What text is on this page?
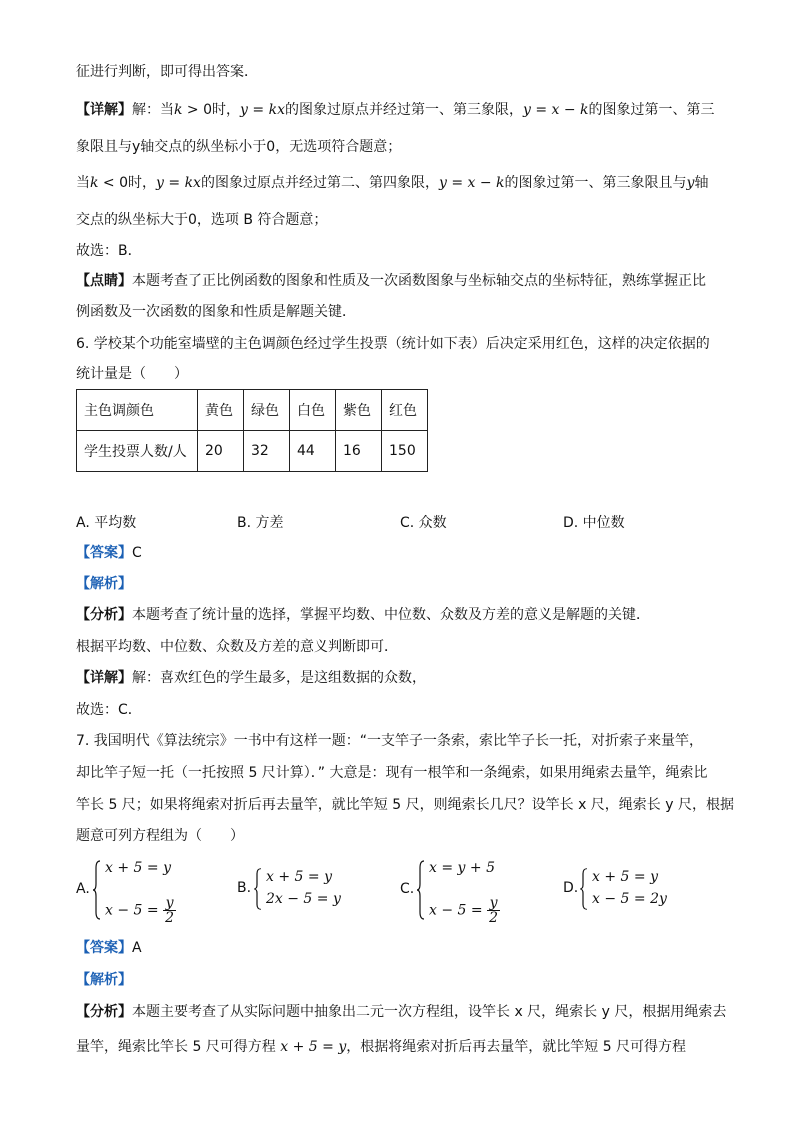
征进行判断，即可得出答案．
【详解】解：当k > 0时，y = kx的图象过原点并经过第一、第三象限，y = x − k的图象过第一、第三
象限且与y轴交点的纵坐标小于0，无选项符合题意；
当k < 0时，y = kx的图象过原点并经过第二、第四象限，y = x − k的图象过第一、第三象限且与y轴
交点的纵坐标大于0，选项 B 符合题意；
故选：B．
【点睛】本题考查了正比例函数的图象和性质及一次函数图象与坐标轴交点的坐标特征，熟练掌握正比
例函数及一次函数的图象和性质是解题关键．
6. 学校某个功能室墙壁的主色调颜色经过学生投票（统计如下表）后决定采用红色，这样的决定依据的
统计量是（　　）
主色调颜色	黄色	绿色	白色	紫色	红色
学生投票人数/人	20	32	44	16	150
A. 平均数	B. 方差	C. 众数	D. 中位数
【答案】C
【解析】
【分析】本题考查了统计量的选择，掌握平均数、中位数、众数及方差的意义是解题的关键．
根据平均数、中位数、众数及方差的意义判断即可．
【详解】解：喜欢红色的学生最多，是这组数据的众数，
故选：C．
7. 我国明代《算法统宗》一书中有这样一题：“一支竿子一条索，索比竿子长一托，对折索子来量竿，
却比竿子短一托（一托按照 5 尺计算）．” 大意是：现有一根竿和一条绳索，如果用绳索去量竿，绳索比
竿长 5 尺；如果将绳索对折后再去量竿，就比竿短 5 尺，则绳索长几尺？设竿长 x 尺，绳索长 y 尺，根据
题意可列方程组为（　　）
A.
x + 5 = y
$x - 5 = \frac{y}{2}$
B.
x + 5 = y
2x − 5 = y
C.
x = y + 5
$x - 5 = \frac{y}{2}$
D.
x + 5 = y
x − 5 = 2y
【答案】A
【解析】
【分析】本题主要考查了从实际问题中抽象出二元一次方程组，设竿长 x 尺，绳索长 y 尺，根据用绳索去
量竿，绳索比竿长 5 尺可得方程 x + 5 = y，根据将绳索对折后再去量竿，就比竿短 5 尺可得方程
